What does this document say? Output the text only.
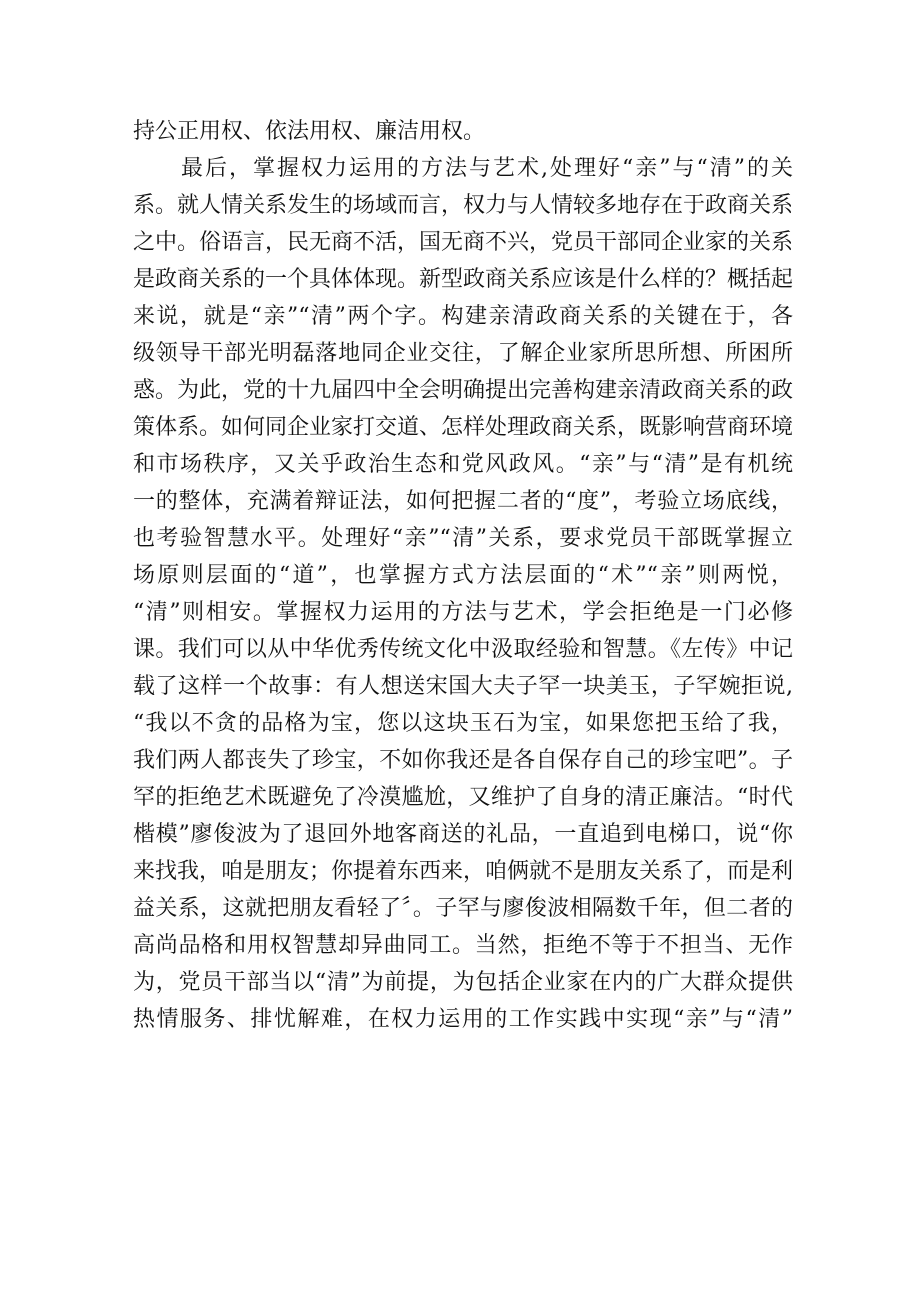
持公正用权、依法用权、廉洁用权。
最后，掌握权力运用的方法与艺术,处理好“亲”与“清”的关
系。就人情关系发生的场域而言，权力与人情较多地存在于政商关系
之中。俗语言，民无商不活，国无商不兴，党员干部同企业家的关系
是政商关系的一个具体体现。新型政商关系应该是什么样的？概括起
来说，就是“亲”“清”两个字。构建亲清政商关系的关键在于，各
级领导干部光明磊落地同企业交往，了解企业家所思所想、所困所
惑。为此，党的十九届四中全会明确提出完善构建亲清政商关系的政
策体系。如何同企业家打交道、怎样处理政商关系，既影响营商环境
和市场秩序，又关乎政治生态和党风政风。“亲”与“清”是有机统
一的整体，充满着辩证法，如何把握二者的“度”，考验立场底线，
也考验智慧水平。处理好“亲”“清”关系，要求党员干部既掌握立
场原则层面的“道”，也掌握方式方法层面的“术”“亲”则两悦，
“清”则相安。掌握权力运用的方法与艺术，学会拒绝是一门必修
课。我们可以从中华优秀传统文化中汲取经验和智慧。《左传》中记
载了这样一个故事：有人想送宋国大夫子罕一块美玉，子罕婉拒说,
“我以不贪的品格为宝，您以这块玉石为宝，如果您把玉给了我，
我们两人都丧失了珍宝，不如你我还是各自保存自己的珍宝吧”。子
罕的拒绝艺术既避免了冷漠尴尬，又维护了自身的清正廉洁。“时代
楷模”廖俊波为了退回外地客商送的礼品，一直追到电梯口，说“你
来找我，咱是朋友；你提着东西来，咱俩就不是朋友关系了，而是利
益关系，这就把朋友看轻了〞。子罕与廖俊波相隔数千年，但二者的
高尚品格和用权智慧却异曲同工。当然，拒绝不等于不担当、无作
为，党员干部当以“清”为前提，为包括企业家在内的广大群众提供
热情服务、排忧解难，在权力运用的工作实践中实现“亲”与“清”
